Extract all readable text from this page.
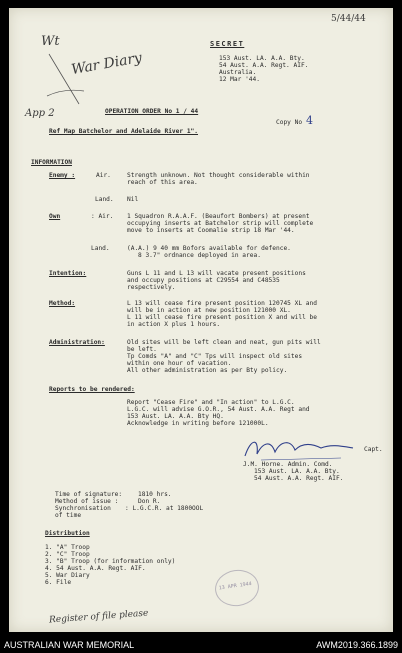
5/44/44
Wt
War Diary
App 2
SECRET
153 Aust. LA. A.A. Bty.
54 Aust. A.A. Regt. AIF.
Australia.
12 Mar '44.
OPERATION ORDER No 1 / 44
Copy No 4
Ref Map Batchelor and Adelaide River 1".
INFORMATION
Enemy :	Air.	Strength unknown. Not thought considerable within
reach of this area.
Land. Nil
Own	: Air. 1 Squadron R.A.A.F. (Beaufort Bombers) at present
occupying inserts at Batchelor strip will complete
move to inserts at Coomalie strip 18 Mar '44.
Land.	(A.A.) 9 40 mm Bofors available for defence.
8 3.7" ordnance deployed in area.
Intention:	Guns L 11 and L 13 will vacate present positions
and occupy positions at C29554 and C48535
respectively.
Method:	L 13 will cease fire present position 120745 XL and
will be in action at new position 121000 XL.
L 11 will cease fire present position X and will be
in action X plus 1 hours.
Administration:	Old sites will be left clean and neat, gun pits will
be left.
Tp Comds "A" and "C" Tps will inspect old sites
within one hour of vacation.
All other administration as per Bty policy.
Reports to be rendered:
Report "Cease Fire" and "In action" to L.G.C.
L.G.C. will advise G.O.R., 54 Aust. A.A. Regt and
153 Aust. LA. A.A. Bty HQ.
Acknowledge in writing before 121000L.
Capt.
J.M. Horne. Admin. Comd.
153 Aust. LA. A.A. Bty.
54 Aust. A.A. Regt. AIF.
Time of signature:	1810 hrs.
Method of issue :	Don R.
Synchronisation : L.G.C.R. at 1800OOL
of time
Distribution
1. "A" Troop
2. "C" Troop
3. "B" Troop (for information only)
4. 54 Aust. A.A. Regt. AIF.
5. War Diary
6. File	13 APR 1944
Register of file please
AUSTRALIAN WAR MEMORIAL	AWM2019.366.1899
